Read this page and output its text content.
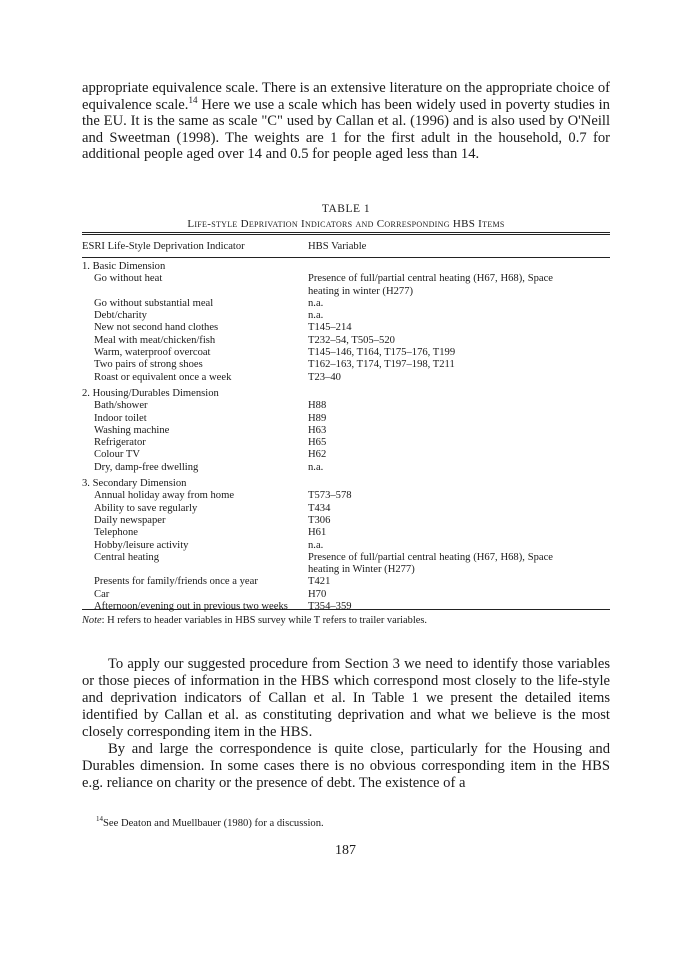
appropriate equivalence scale. There is an extensive literature on the appropriate choice of equivalence scale.$^{14}$ Here we use a scale which has been widely used in poverty studies in the EU. It is the same as scale "C" used by Callan et al. (1996) and is also used by O'Neill and Sweetman (1998). The weights are 1 for the first adult in the household, 0.7 for additional people aged over 14 and 0.5 for people aged less than 14.

TABLE 1
Life-style Deprivation Indicators and Corresponding HBS Items
ESRI Life-Style Deprivation Indicator	HBS Variable
1. Basic Dimension
Go without heat	Presence of full/partial central heating (H67, H68), Space heating in winter (H277)
Go without substantial meal	n.a.
Debt/charity	n.a.
New not second hand clothes	T145–214
Meal with meat/chicken/fish	T232–54, T505–520
Warm, waterproof overcoat	T145–146, T164, T175–176, T199
Two pairs of strong shoes	T162–163, T174, T197–198, T211
Roast or equivalent once a week	T23–40
2. Housing/Durables Dimension
Bath/shower	H88
Indoor toilet	H89
Washing machine	H63
Refrigerator	H65
Colour TV	H62
Dry, damp-free dwelling	n.a.
3. Secondary Dimension
Annual holiday away from home	T573–578
Ability to save regularly	T434
Daily newspaper	T306
Telephone	H61
Hobby/leisure activity	n.a.
Central heating	Presence of full/partial central heating (H67, H68), Space heating in Winter (H277)
Presents for family/friends once a year	T421
Car	H70
Afternoon/evening out in previous two weeks	T354–359
Note: H refers to header variables in HBS survey while T refers to trailer variables.

To apply our suggested procedure from Section 3 we need to identify those variables or those pieces of information in the HBS which correspond most closely to the life-style and deprivation indicators of Callan et al. In Table 1 we present the detailed items identified by Callan et al. as constituting deprivation and what we believe is the most closely corresponding item in the HBS.

By and large the correspondence is quite close, particularly for the Housing and Durables dimension. In some cases there is no obvious corresponding item in the HBS e.g. reliance on charity or the presence of debt. The existence of a

$^{14}$See Deaton and Muellbauer (1980) for a discussion.
187
